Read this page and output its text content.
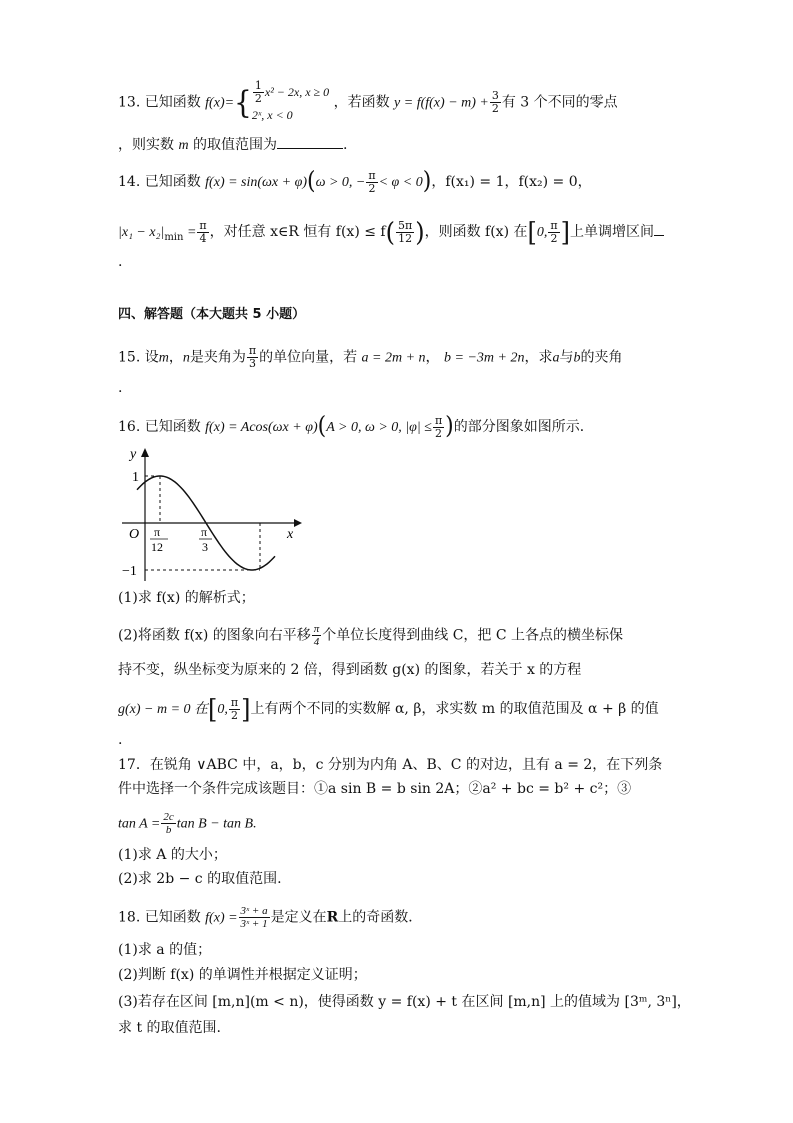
13. 已知函数 $f(x)=\{ \frac{1}{2} x^2 - 2x$, x ≥ 0
2ˣ, x < 0
，若函数 $y = f(f(x) - m) + \frac{3}{2}$ 有 3 个不同的零点
，则实数 m 的取值范围为	.
14. 已知函数 f(x) = sin(ωx + φ)(ω > 0, − $\frac{\pi}{2} < \varphi < 0$)，f(x₁) = 1，f(x₂) = 0，
$|x_1 - x_2|_{min} = \frac{\pi}{4}$ ，对任意 x∈R 恒有 $f(x) \le f( \frac{5\pi}{12}$ )，则函数 f(x) 在[0, $\frac{\pi}{2}$ ]上单调增区间
.
四、解答题（本大题共 5 小题）
15. 设m，n是夹角为 $\frac{\pi}{3}$ 的单位向量，若 a = 2m + n， b = −3m + 2n，求a与b的夹角
.
16. 已知函数 f(x) = Acos(ωx + φ)(A > 0, ω > 0, $|\varphi| \le \frac{\pi}{2}$ )的部分图象如图所示．
y
x
O
1
−1
π
12
π
3
(1)求 f(x) 的解析式；
(2)将函数 f(x) 的图象向右平移 $\frac{\pi}{4}$ 个单位长度得到曲线 C，把 C 上各点的横坐标保
持不变，纵坐标变为原来的 2 倍，得到函数 g(x) 的图象，若关于 x 的方程
g(x) − m = 0 在[0, $\frac{\pi}{2}$ ]上有两个不同的实数解 α, β，求实数 m 的取值范围及 α + β 的值
.
17．在锐角 ∨ABC 中，a，b，c 分别为内角 A、B、C 的对边，且有 a = 2，在下列条
件中选择一个条件完成该题目：①a sin B = b sin 2A；②a² + bc = b² + c²；③
$\tan A = \frac{2c}{b}$ tan B − tan B.
(1)求 A 的大小；
(2)求 2b − c 的取值范围.
18. 已知函数 $f(x) = \frac{\text{3ˣ + a}}{\text{3ˣ + 1}}$ 是定义在R上的奇函数．
(1)求 a 的值；
(2)判断 f(x) 的单调性并根据定义证明；
(3)若存在区间 [m,n](m < n)，使得函数 y = f(x) + t 在区间 [m,n] 上的值域为 [3ᵐ, 3ⁿ]，
求 t 的取值范围.
